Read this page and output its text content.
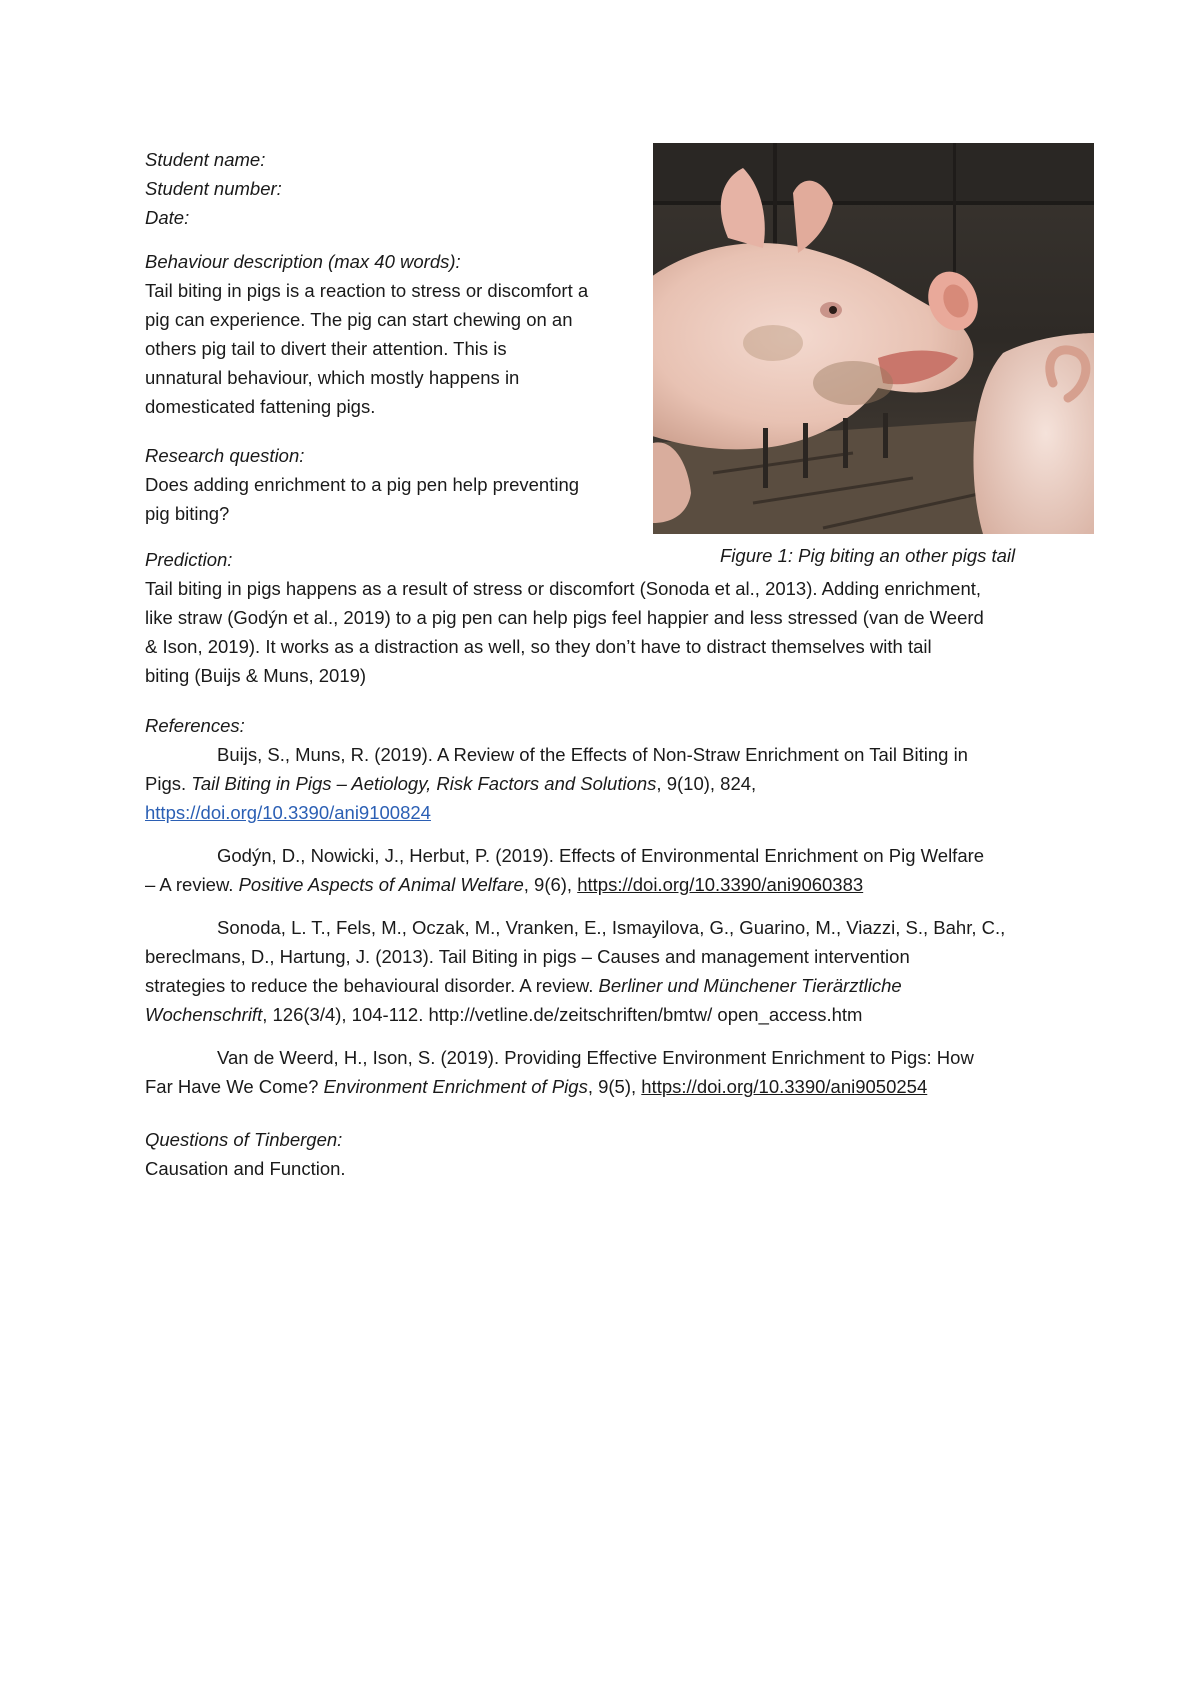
Student name:
Student number:
Date:
Behaviour description (max 40 words):
Tail biting in pigs is a reaction to stress or discomfort a
pig can experience. The pig can start chewing on an
others pig tail to divert their attention. This is
unnatural behaviour, which mostly happens in
domesticated fattening pigs.
Research question:
Does adding enrichment to a pig pen help preventing
pig biting?
Prediction:
Tail biting in pigs happens as a result of stress or discomfort (Sonoda et al., 2013). Adding enrichment,
like straw (Godýn et al., 2019) to a pig pen can help pigs feel happier and less stressed (van de Weerd
& Ison, 2019). It works as a distraction as well, so they don’t have to distract themselves with tail
biting (Buijs & Muns, 2019)
Figure 1: Pig biting an other pigs tail
References:
Buijs, S., Muns, R. (2019). A Review of the Effects of Non-Straw Enrichment on Tail Biting in
Pigs. Tail Biting in Pigs – Aetiology, Risk Factors and Solutions, 9(10), 824,
https://doi.org/10.3390/ani9100824
Godýn, D., Nowicki, J., Herbut, P. (2019). Effects of Environmental Enrichment on Pig Welfare
– A review. Positive Aspects of Animal Welfare, 9(6), https://doi.org/10.3390/ani9060383
Sonoda, L. T., Fels, M., Oczak, M., Vranken, E., Ismayilova, G., Guarino, M., Viazzi, S., Bahr, C.,
bereclmans, D., Hartung, J. (2013). Tail Biting in pigs – Causes and management intervention
strategies to reduce the behavioural disorder. A review. Berliner und Münchener Tierärztliche
Wochenschrift, 126(3/4), 104-112. http://vetline.de/zeitschriften/bmtw/ open_access.htm
Van de Weerd, H., Ison, S. (2019). Providing Effective Environment Enrichment to Pigs: How
Far Have We Come? Environment Enrichment of Pigs, 9(5), https://doi.org/10.3390/ani9050254
Questions of Tinbergen:
Causation and Function.
